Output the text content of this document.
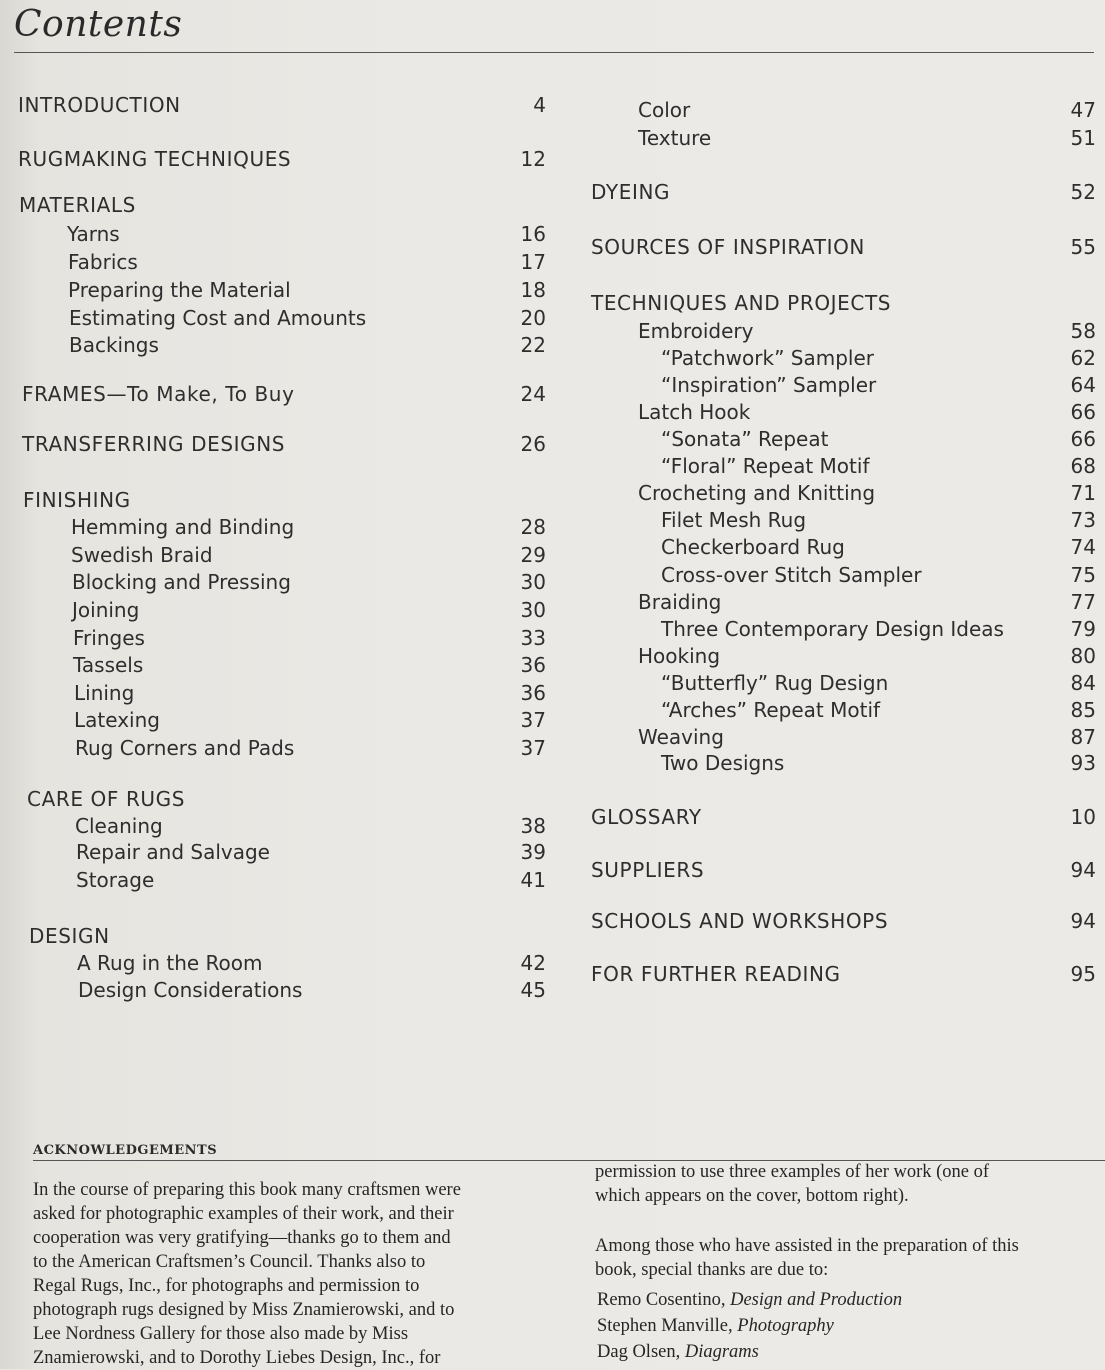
Contents
INTRODUCTION	4
RUGMAKING TECHNIQUES	12
MATERIALS
Yarns	16
Fabrics	17
Preparing the Material	18
Estimating Cost and Amounts	20
Backings	22
FRAMES—To Make, To Buy	24
TRANSFERRING DESIGNS	26
FINISHING
Hemming and Binding	28
Swedish Braid	29
Blocking and Pressing	30
Joining	30
Fringes	33
Tassels	36
Lining	36
Latexing	37
Rug Corners and Pads	37
CARE OF RUGS
Cleaning	38
Repair and Salvage	39
Storage	41
DESIGN
A Rug in the Room	42
Design Considerations	45
Color	47
Texture	51
DYEING	52
SOURCES OF INSPIRATION	55
TECHNIQUES AND PROJECTS
Embroidery	58
“Patchwork” Sampler	62
“Inspiration” Sampler	64
Latch Hook	66
“Sonata” Repeat	66
“Floral” Repeat Motif	68
Crocheting and Knitting	71
Filet Mesh Rug	73
Checkerboard Rug	74
Cross-over Stitch Sampler	75
Braiding	77
Three Contemporary Design Ideas	79
Hooking	80
“Butterfly” Rug Design	84
“Arches” Repeat Motif	85
Weaving	87
Two Designs	93
GLOSSARY	10
SUPPLIERS	94
SCHOOLS AND WORKSHOPS	94
FOR FURTHER READING	95
ACKNOWLEDGEMENTS
In the course of preparing this book many craftsmen were
asked for photographic examples of their work, and their
cooperation was very gratifying—thanks go to them and
to the American Craftsmen’s Council. Thanks also to
Regal Rugs, Inc., for photographs and permission to
photograph rugs designed by Miss Znamierowski, and to
Lee Nordness Gallery for those also made by Miss
Znamierowski, and to Dorothy Liebes Design, Inc., for
permission to use three examples of her work (one of
which appears on the cover, bottom right).
Among those who have assisted in the preparation of this
book, special thanks are due to:
Remo Cosentino, Design and Production
Stephen Manville, Photography
Dag Olsen, Diagrams
